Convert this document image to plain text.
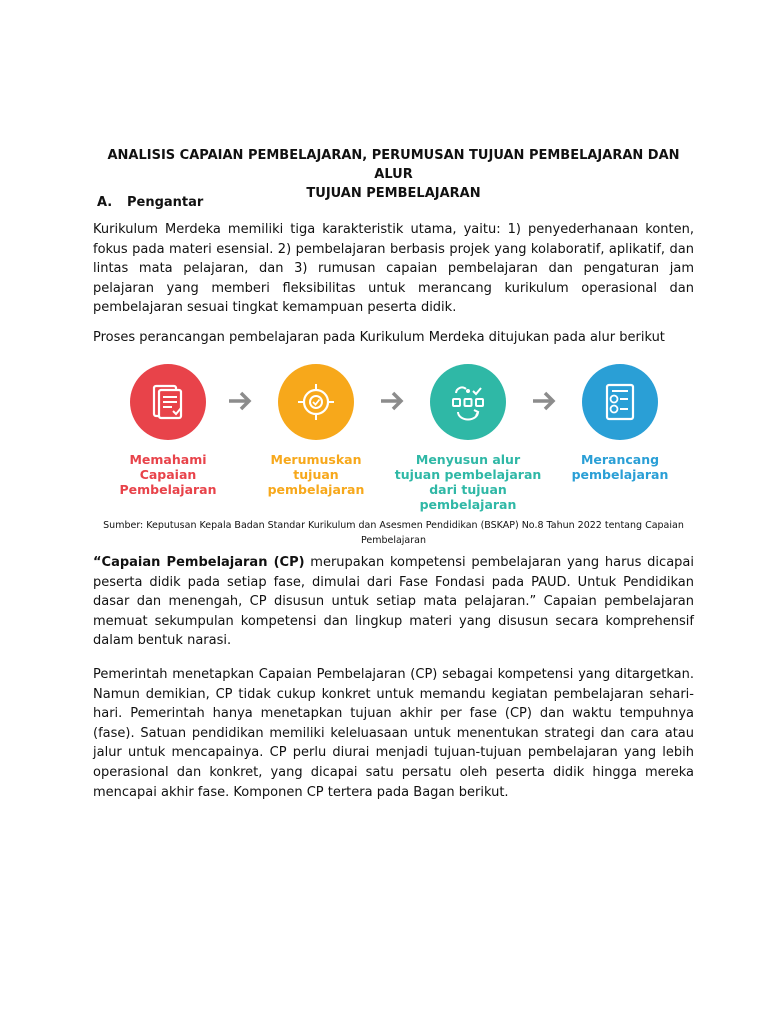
ANALISIS CAPAIAN PEMBELAJARAN, PERUMUSAN TUJUAN PEMBELAJARAN DAN ALUR
TUJUAN PEMBELAJARAN
A. Pengantar
Kurikulum Merdeka memiliki tiga karakteristik utama, yaitu: 1) penyederhanaan konten, fokus pada materi esensial. 2) pembelajaran berbasis projek yang kolaboratif, aplikatif, dan lintas mata pelajaran, dan 3) rumusan capaian pembelajaran dan pengaturan jam pelajaran yang memberi fleksibilitas untuk merancang kurikulum operasional dan pembelajaran sesuai tingkat kemampuan peserta didik.
Proses perancangan pembelajaran pada Kurikulum Merdeka ditujukan pada alur berikut
Memahami
Capaian
Pembelajaran
Merumuskan
tujuan
pembelajaran
Menyusun alur
tujuan pembelajaran
dari tujuan
pembelajaran
Merancang
pembelajaran
Sumber: Keputusan Kepala Badan Standar Kurikulum dan Asesmen Pendidikan (BSKAP) No.8 Tahun 2022 tentang Capaian
Pembelajaran
“Capaian Pembelajaran (CP) merupakan kompetensi pembelajaran yang harus dicapai peserta didik pada setiap fase, dimulai dari Fase Fondasi pada PAUD. Untuk Pendidikan dasar dan menengah, CP disusun untuk setiap mata pelajaran.” Capaian pembelajaran memuat sekumpulan kompetensi dan lingkup materi yang disusun secara komprehensif dalam bentuk narasi.
Pemerintah menetapkan Capaian Pembelajaran (CP) sebagai kompetensi yang ditargetkan. Namun demikian, CP tidak cukup konkret untuk memandu kegiatan pembelajaran sehari-hari. Pemerintah hanya menetapkan tujuan akhir per fase (CP) dan waktu tempuhnya (fase). Satuan pendidikan memiliki keleluasaan untuk menentukan strategi dan cara atau jalur untuk mencapainya. CP perlu diurai menjadi tujuan-tujuan pembelajaran yang lebih operasional dan konkret, yang dicapai satu persatu oleh peserta didik hingga mereka mencapai akhir fase. Komponen CP tertera pada Bagan berikut.
